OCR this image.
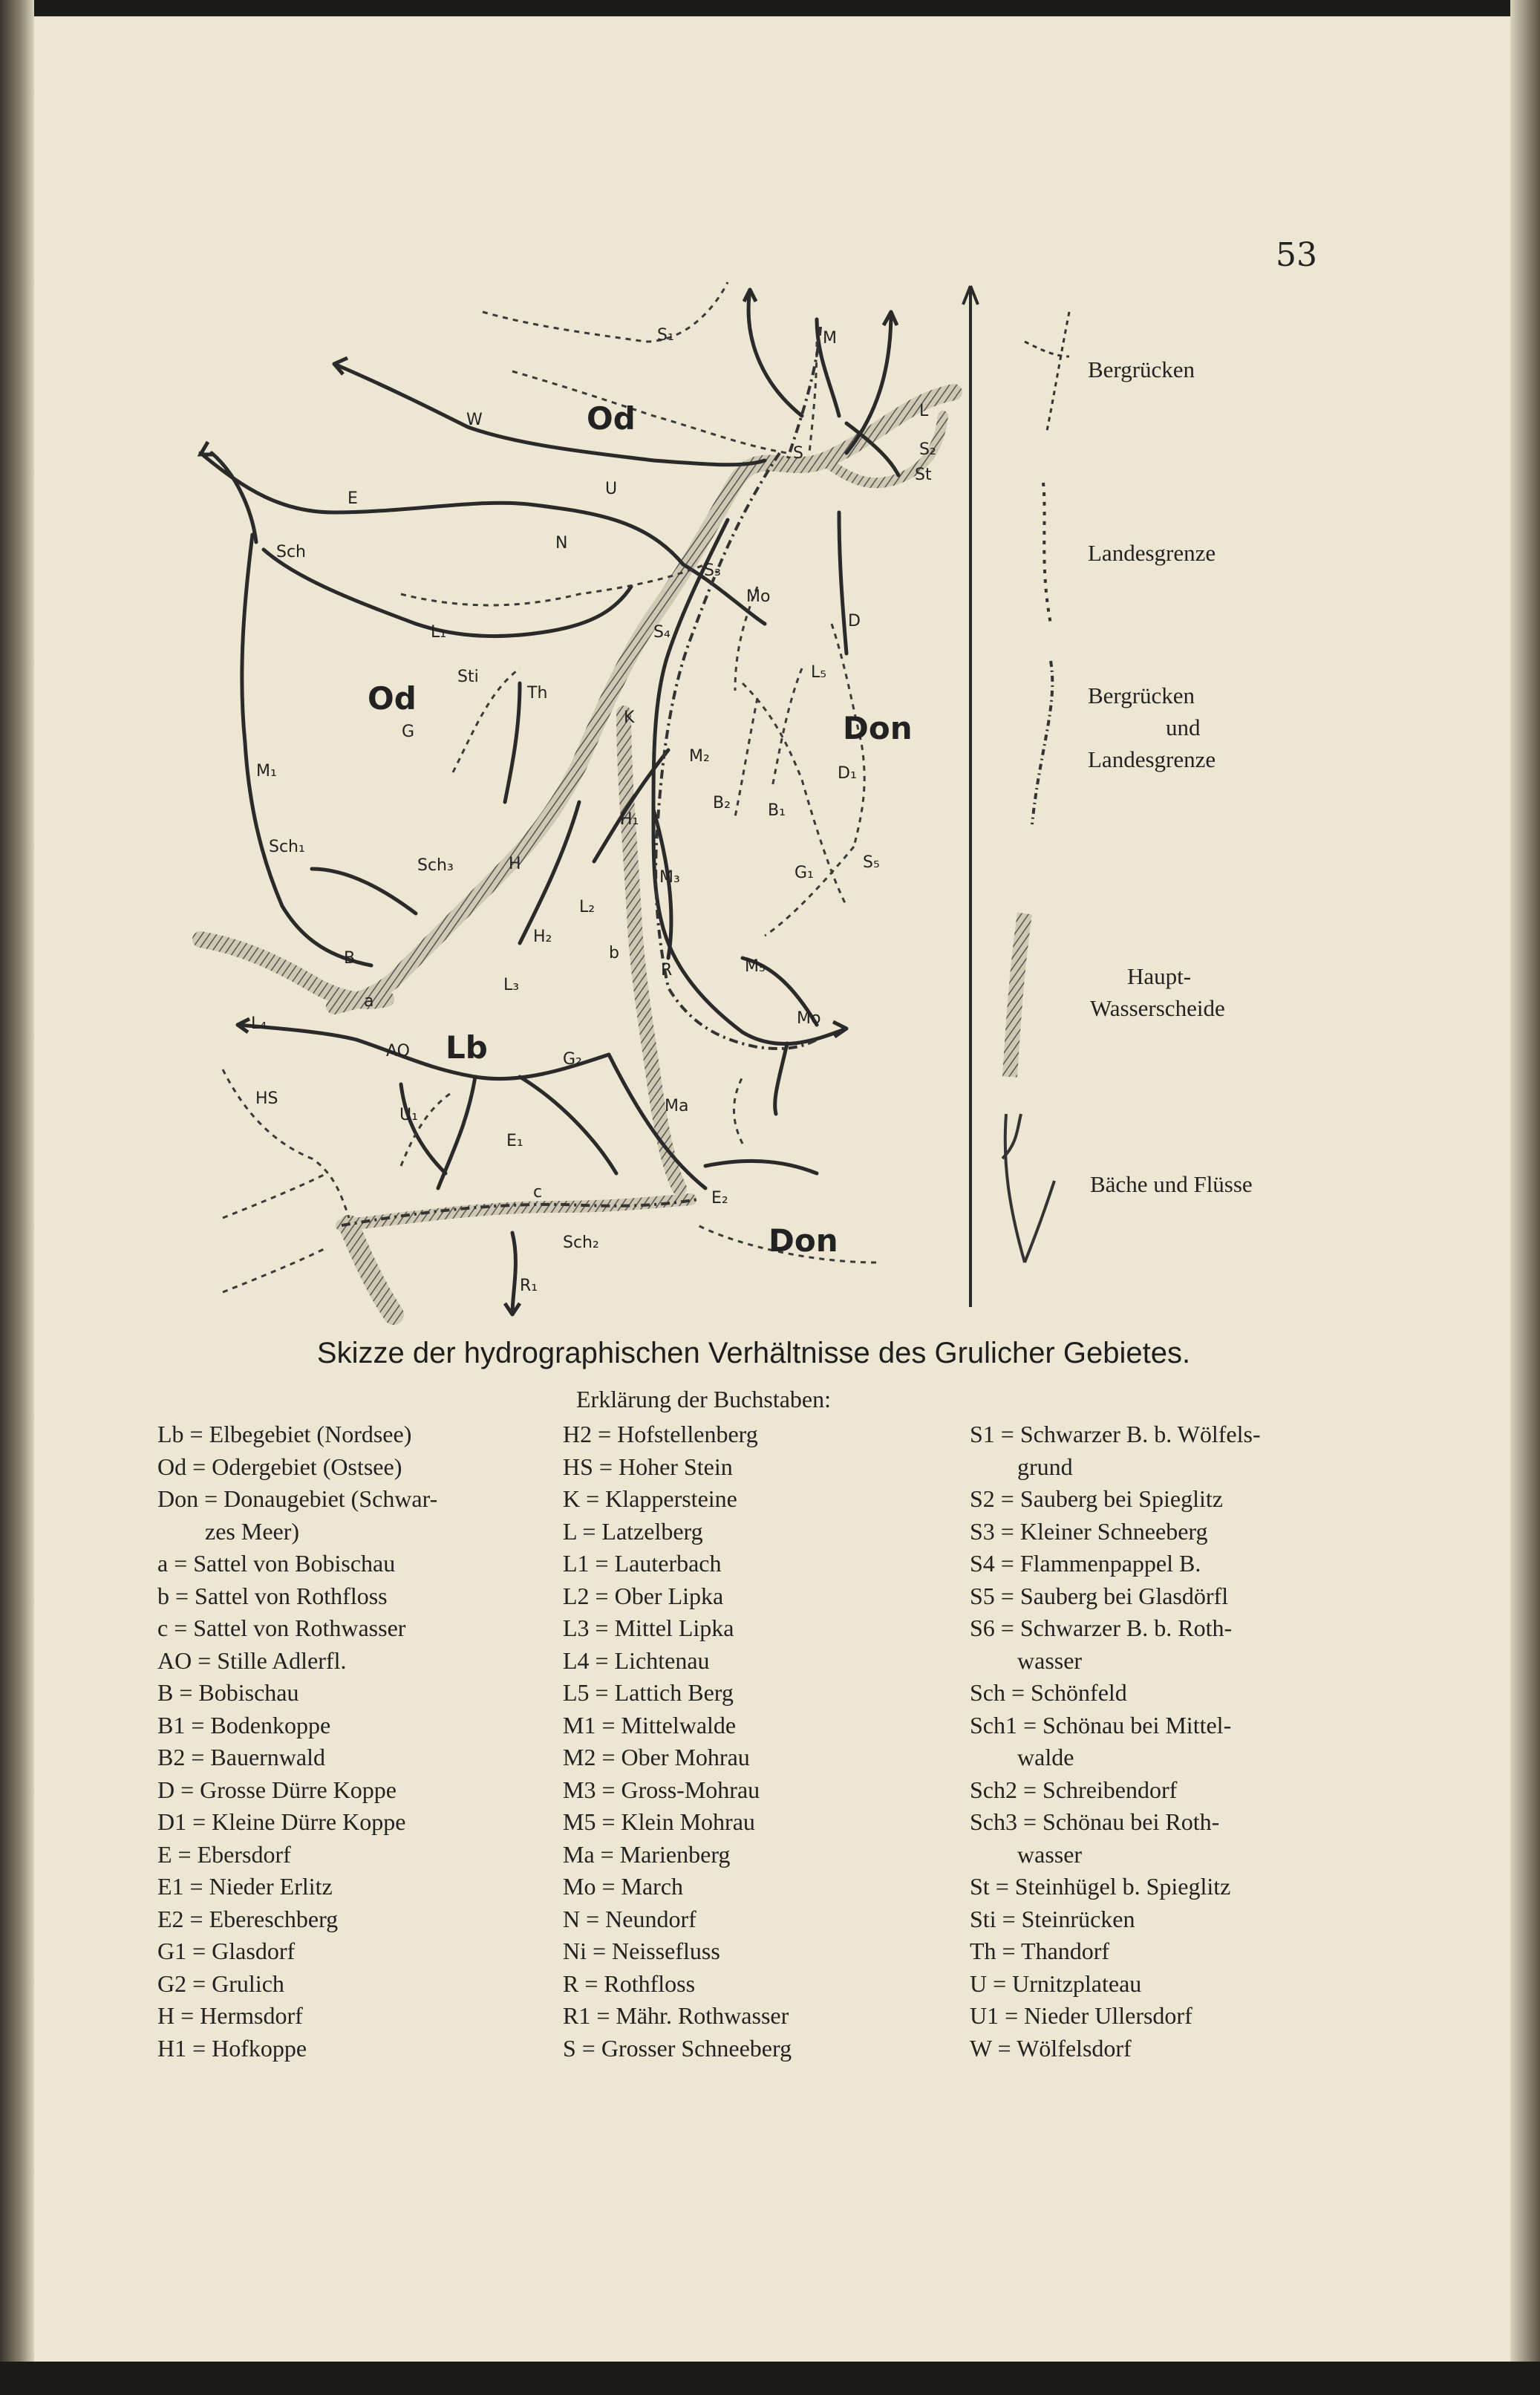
53
Od
Od
Don
Lb
Don
S₁	M
W	L
S₂
St
S
E
U
Sch	N
S₃
Mo
D
L₁	S₄
Sti
Th
L₅
G
K
M₁
M₂
D₁
B₂ B₁
H₁
Sch₁
Sch₃	H
M₃	G₁
S₅
L₂
H₂
B	b
R	M₅
a
L₃
L₄	Mo
AO	G₂
HS
U₁	Ma
E₁
c	E₂
Sch₂
R₁
Bergrücken
Landesgrenze
Bergrücken
und
Landesgrenze
Haupt-
Wasserscheide
Bäche und Flüsse
Skizze der hydrographischen Verhältnisse des Grulicher Gebietes.
Erklärung der Buchstaben:
Lb = Elbegebiet (Nordsee)
Od = Odergebiet (Ostsee)
Don = Donaugebiet (Schwar-
zes Meer)
a = Sattel von Bobischau
b = Sattel von Rothfloss
c = Sattel von Rothwasser
AO = Stille Adlerfl.
B = Bobischau
B1 = Bodenkoppe
B2 = Bauernwald
D = Grosse Dürre Koppe
D1 = Kleine Dürre Koppe
E = Ebersdorf
E1 = Nieder Erlitz
E2 = Ebereschberg
G1 = Glasdorf
G2 = Grulich
H = Hermsdorf
H1 = Hofkoppe
H2 = Hofstellenberg
HS = Hoher Stein
K = Klappersteine
L = Latzelberg
L1 = Lauterbach
L2 = Ober Lipka
L3 = Mittel Lipka
L4 = Lichtenau
L5 = Lattich Berg
M1 = Mittelwalde
M2 = Ober Mohrau
M3 = Gross-Mohrau
M5 = Klein Mohrau
Ma = Marienberg
Mo = March
N = Neundorf
Ni = Neissefluss
R = Rothfloss
R1 = Mähr. Rothwasser
S = Grosser Schneeberg
S1 = Schwarzer B. b. Wölfels-
grund
S2 = Sauberg bei Spieglitz
S3 = Kleiner Schneeberg
S4 = Flammenpappel B.
S5 = Sauberg bei Glasdörfl
S6 = Schwarzer B. b. Roth-
wasser
Sch = Schönfeld
Sch1 = Schönau bei Mittel-
walde
Sch2 = Schreibendorf
Sch3 = Schönau bei Roth-
wasser
St = Steinhügel b. Spieglitz
Sti = Steinrücken
Th = Thandorf
U = Urnitzplateau
U1 = Nieder Ullersdorf
W = Wölfelsdorf
